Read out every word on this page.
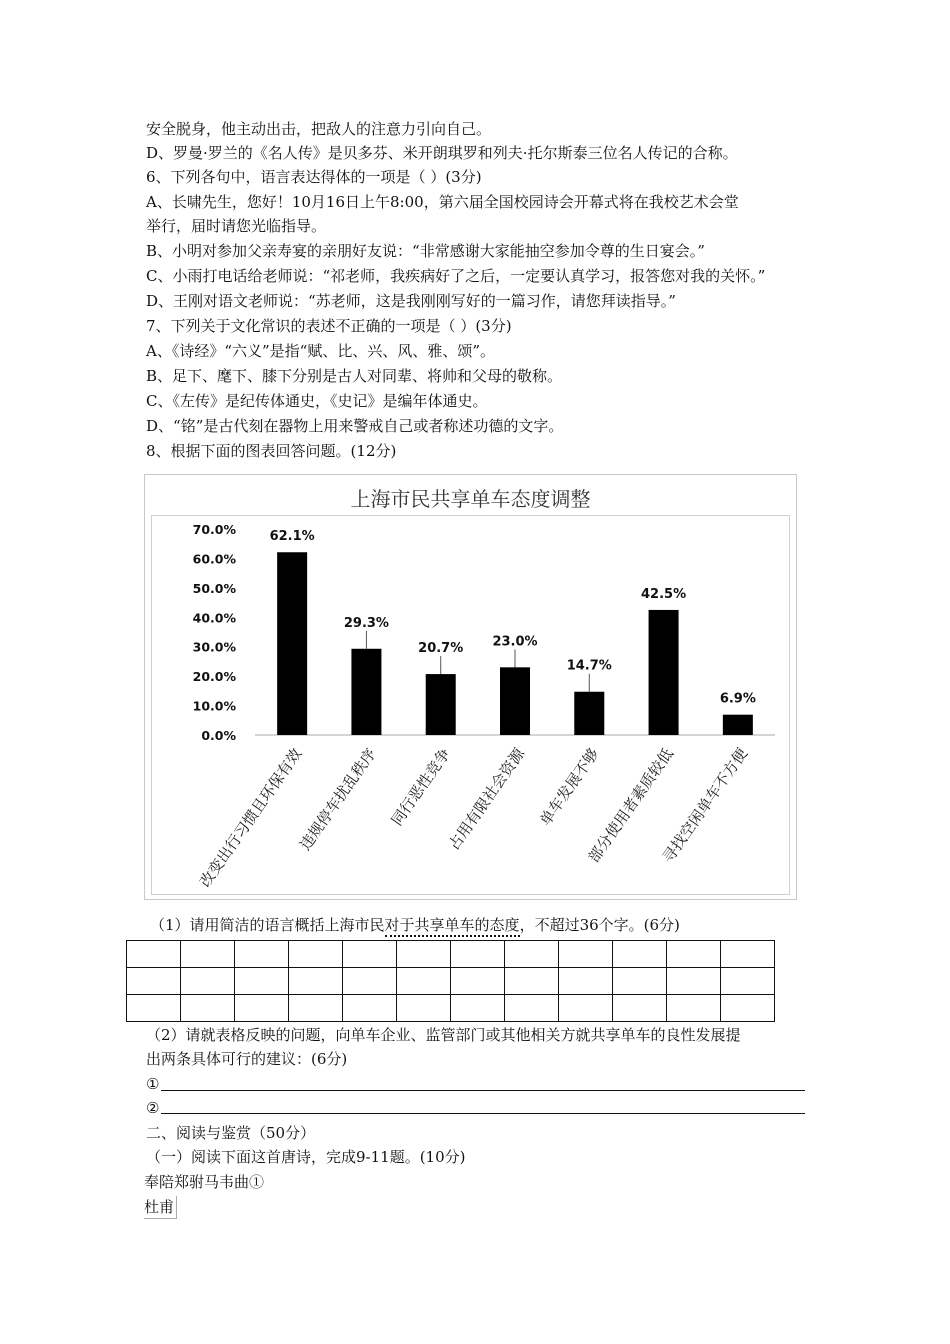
安全脱身，他主动出击，把敌人的注意力引向自己。
D、罗曼·罗兰的《名人传》是贝多芬、米开朗琪罗和列夫·托尔斯泰三位名人传记的合称。
6、下列各句中，语言表达得体的一项是（ ）(3分)
A、长啸先生，您好！10月16日上午8:00，第六届全国校园诗会开幕式将在我校艺术会堂
举行，届时请您光临指导。
B、小明对参加父亲寿宴的亲朋好友说：“非常感谢大家能抽空参加令尊的生日宴会。”
C、小雨打电话给老师说：“祁老师，我疾病好了之后，一定要认真学习，报答您对我的关怀。”
D、王刚对语文老师说：“苏老师，这是我刚刚写好的一篇习作，请您拜读指导。”
7、下列关于文化常识的表述不正确的一项是（ ）(3分)
A、《诗经》“六义”是指“赋、比、兴、风、雅、颂”。
B、足下、麾下、膝下分别是古人对同辈、将帅和父母的敬称。
C、《左传》是纪传体通史，《史记》是编年体通史。
D、“铭”是古代刻在器物上用来警戒自己或者称述功德的文字。
8、根据下面的图表回答问题。(12分)
上海市民共享单车态度调整
0.0%
10.0%
20.0%
30.0%
40.0%
50.0%
60.0%
70.0%	62.1%
改变出行习惯且环保有效
29.3%
违规停车扰乱秩序
20.7%
同行恶性竞争
23.0%
占用有限社会资源
14.7%
单车发展不够
42.5%
部分使用者素质较低
6.9%
寻找空闲单车不方便
（1）请用简洁的语言概括上海市民对于共享单车的态度，不超过36个字。(6分)

（2）请就表格反映的问题，向单车企业、监管部门或其他相关方就共享单车的良性发展提
出两条具体可行的建议：(6分)
①
②
二、阅读与鉴赏（50分）
（一）阅读下面这首唐诗，完成9-11题。(10分)
奉陪郑驸马韦曲①
杜甫
